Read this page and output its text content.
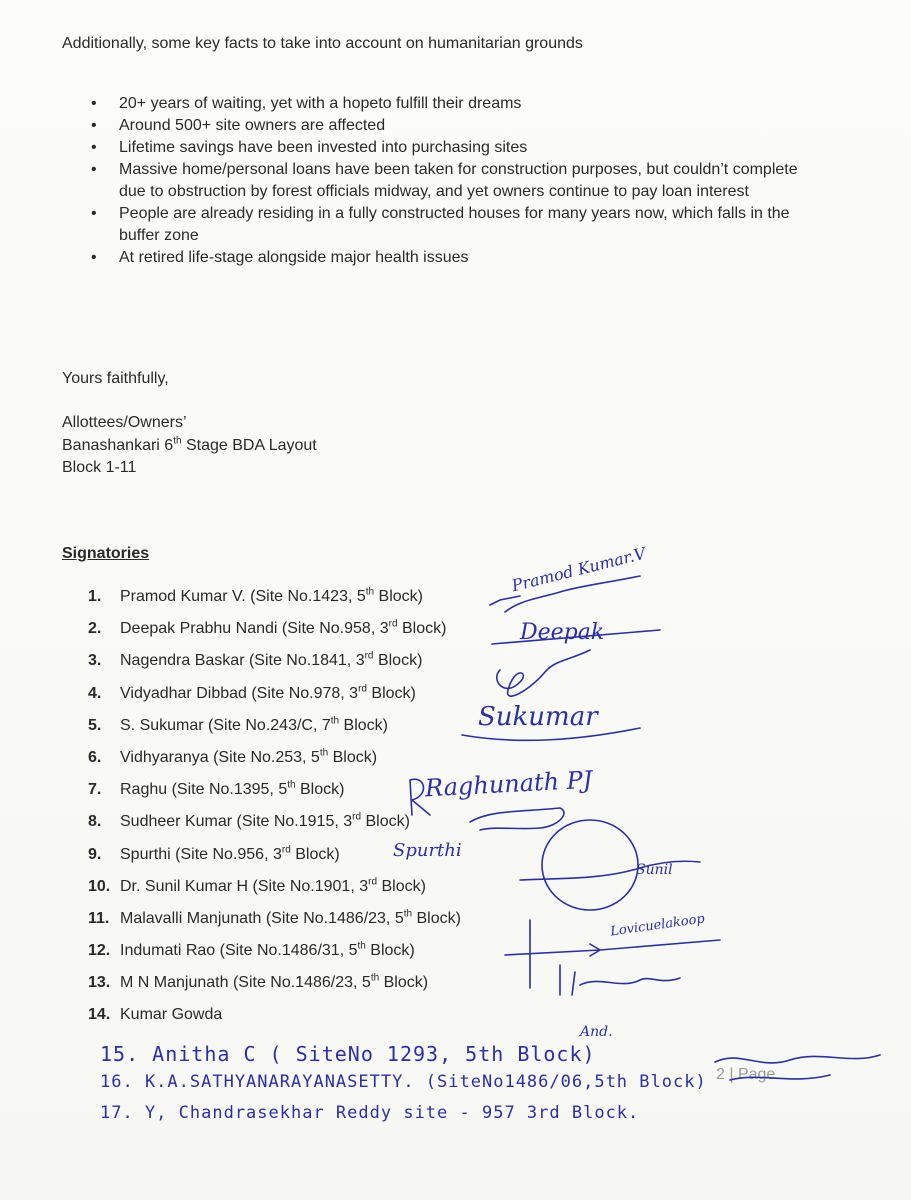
Additionally, some key facts to take into account on humanitarian grounds

• 20+ years of waiting, yet with a hopeto fulfill their dreams
• Around 500+ site owners are affected
• Lifetime savings have been invested into purchasing sites
• Massive home/personal loans have been taken for construction purposes, but couldn’t complete due to obstruction by forest officials midway, and yet owners continue to pay loan interest
• People are already residing in a fully constructed houses for many years now, which falls in the buffer zone
• At retired life-stage alongside major health issues

Yours faithfully,

Allottees/Owners’

Banashankari 6th Stage BDA Layout

Block 1-11

Signatories

1. Pramod Kumar V. (Site No.1423, 5th Block)
2. Deepak Prabhu Nandi (Site No.958, 3rd Block)
3. Nagendra Baskar (Site No.1841, 3rd Block)
4. Vidyadhar Dibbad (Site No.978, 3rd Block)
5. S. Sukumar (Site No.243/C, 7th Block)
6. Vidhyaranya (Site No.253, 5th Block)
7. Raghu (Site No.1395, 5th Block)
8. Sudheer Kumar (Site No.1915, 3rd Block)
9. Spurthi (Site No.956, 3rd Block)
10. Dr. Sunil Kumar H (Site No.1901, 3rd Block)
11. Malavalli Manjunath (Site No.1486/23, 5th Block)
12. Indumati Rao (Site No.1486/31, 5th Block)
13. M N Manjunath (Site No.1486/23, 5th Block)
14. Kumar Gowda

15. Anitha C ( SiteNo 1293, 5th Block)

16. K.A.SATHYANARAYANASETTY. (SiteNo1486/06,5th Block)

17. Y, Chandrasekhar Reddy site - 957 3rd Block.

2 | Page

Pramod Kumar.V

Deepak

Sukumar

Raghunath PJ

Spurthi

Sunil

Lovicuelakoop

And.
